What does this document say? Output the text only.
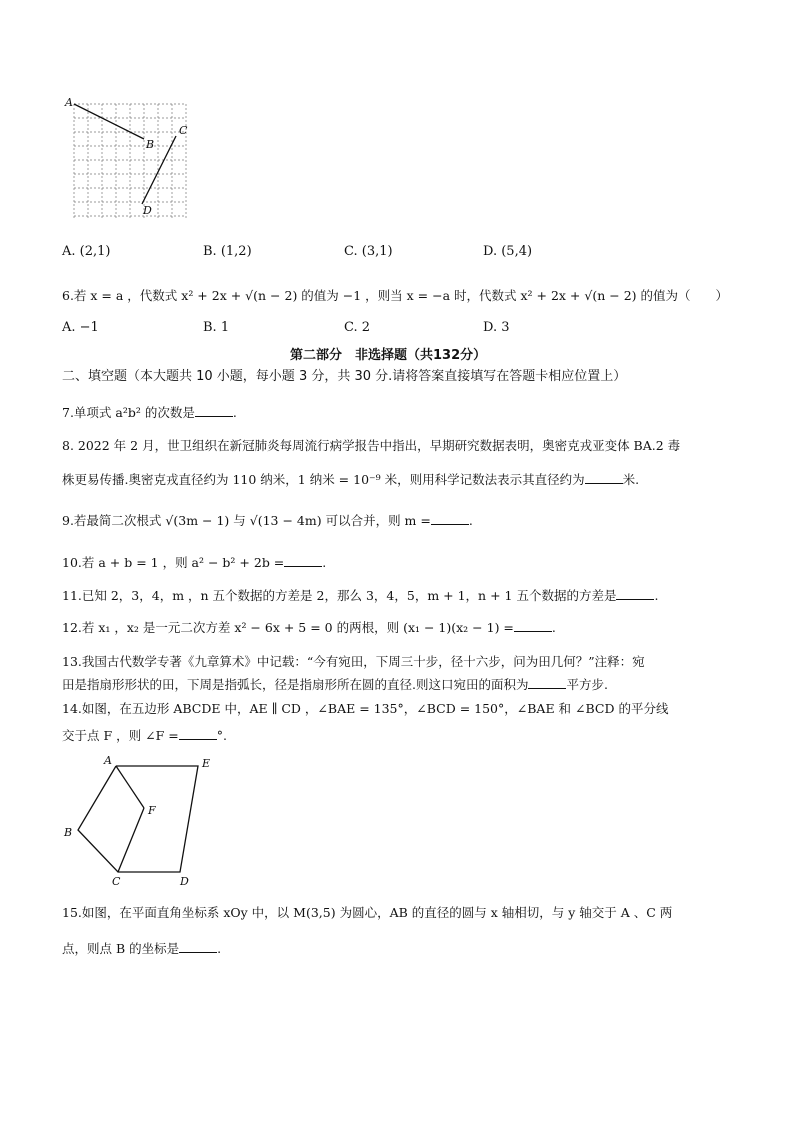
A
B
C
D
A. (2,1)	B. (1,2)	C. (3,1)	D. (5,4)
6.若 x = a ，代数式 x² + 2x + √(n − 2) 的值为 −1 ，则当 x = −a 时，代数式 x² + 2x + √(n − 2) 的值为（　　）
A. −1	B. 1	C. 2	D. 3
第二部分　非选择题（共132分）
二、填空题（本大题共 10 小题，每小题 3 分，共 30 分.请将答案直接填写在答题卡相应位置上）
7.单项式 a²b² 的次数是	.
8. 2022 年 2 月，世卫组织在新冠肺炎每周流行病学报告中指出，早期研究数据表明，奥密克戎亚变体 BA.2 毒
株更易传播.奥密克戎直径约为 110 纳米，1 纳米 = 10⁻⁹ 米，则用科学记数法表示其直径约为	米.
9.若最简二次根式 √(3m − 1) 与 √(13 − 4m) 可以合并，则 m =	.
10.若 a + b = 1 ，则 a² − b² + 2b =	.
11.已知 2，3，4，m ，n 五个数据的方差是 2，那么 3，4，5，m + 1，n + 1 五个数据的方差是	.
12.若 x₁ ，x₂ 是一元二次方差 x² − 6x + 5 = 0 的两根，则 (x₁ − 1)(x₂ − 1) =	.
13.我国古代数学专著《九章算术》中记载：“今有宛田，下周三十步，径十六步，问为田几何？”注释：宛
田是指扇形形状的田，下周是指弧长，径是指扇形所在圆的直径.则这口宛田的面积为	平方步.
14.如图，在五边形 ABCDE 中，AE ∥ CD ，∠BAE = 135°，∠BCD = 150°，∠BAE 和 ∠BCD 的平分线
交于点 F ，则 ∠F =	°.
A	E
B
F
C	D
15.如图，在平面直角坐标系 xOy 中，以 M(3,5) 为圆心，AB 的直径的圆与 x 轴相切，与 y 轴交于 A 、C 两
点，则点 B 的坐标是	.
